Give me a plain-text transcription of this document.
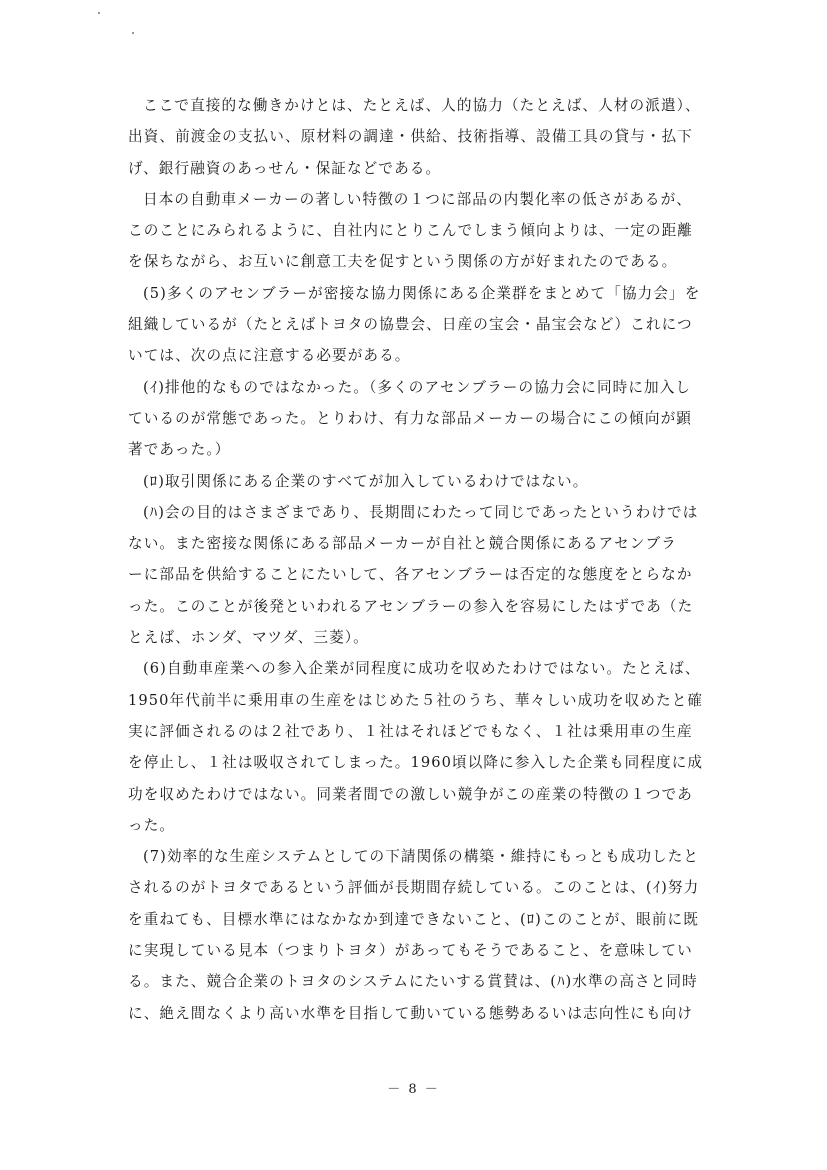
ここで直接的な働きかけとは、たとえば、人的協力（たとえば、人材の派遣）、
出資、前渡金の支払い、原材料の調達・供給、技術指導、設備工具の貸与・払下
げ、銀行融資のあっせん・保証などである。
日本の自動車メーカーの著しい特徴の１つに部品の内製化率の低さがあるが、
このことにみられるように、自社内にとりこんでしまう傾向よりは、一定の距離
を保ちながら、お互いに創意工夫を促すという関係の方が好まれたのである。
(5)多くのアセンブラーが密接な協力関係にある企業群をまとめて「協力会」を
組織しているが（たとえばトヨタの協豊会、日産の宝会・晶宝会など）これにつ
いては、次の点に注意する必要がある。
(ｲ)排他的なものではなかった。（多くのアセンブラーの協力会に同時に加入し
ているのが常態であった。とりわけ、有力な部品メーカーの場合にこの傾向が顕
著であった。）
(ﾛ)取引関係にある企業のすべてが加入しているわけではない。
(ﾊ)会の目的はさまざまであり、長期間にわたって同じであったというわけでは
ない。また密接な関係にある部品メーカーが自社と競合関係にあるアセンブラ
ーに部品を供給することにたいして、各アセンブラーは否定的な態度をとらなか
った。このことが後発といわれるアセンブラーの参入を容易にしたはずであ（た
とえば、ホンダ、マツダ、三菱）。
(6)自動車産業への参入企業が同程度に成功を収めたわけではない。たとえば、
1950年代前半に乗用車の生産をはじめた５社のうち、華々しい成功を収めたと確
実に評価されるのは２社であり、１社はそれほどでもなく、１社は乗用車の生産
を停止し、１社は吸収されてしまった。1960頃以降に参入した企業も同程度に成
功を収めたわけではない。同業者間での激しい競争がこの産業の特徴の１つであ
った。
(7)効率的な生産システムとしての下請関係の構築・維持にもっとも成功したと
されるのがトヨタであるという評価が長期間存続している。このことは、(ｲ)努力
を重ねても、目標水準にはなかなか到達できないこと、(ﾛ)このことが、眼前に既
に実現している見本（つまりトヨタ）があってもそうであること、を意味してい
る。また、競合企業のトヨタのシステムにたいする賞賛は、(ﾊ)水準の高さと同時
に、絶え間なくより高い水準を目指して動いている態勢あるいは志向性にも向け
－ 8 －
